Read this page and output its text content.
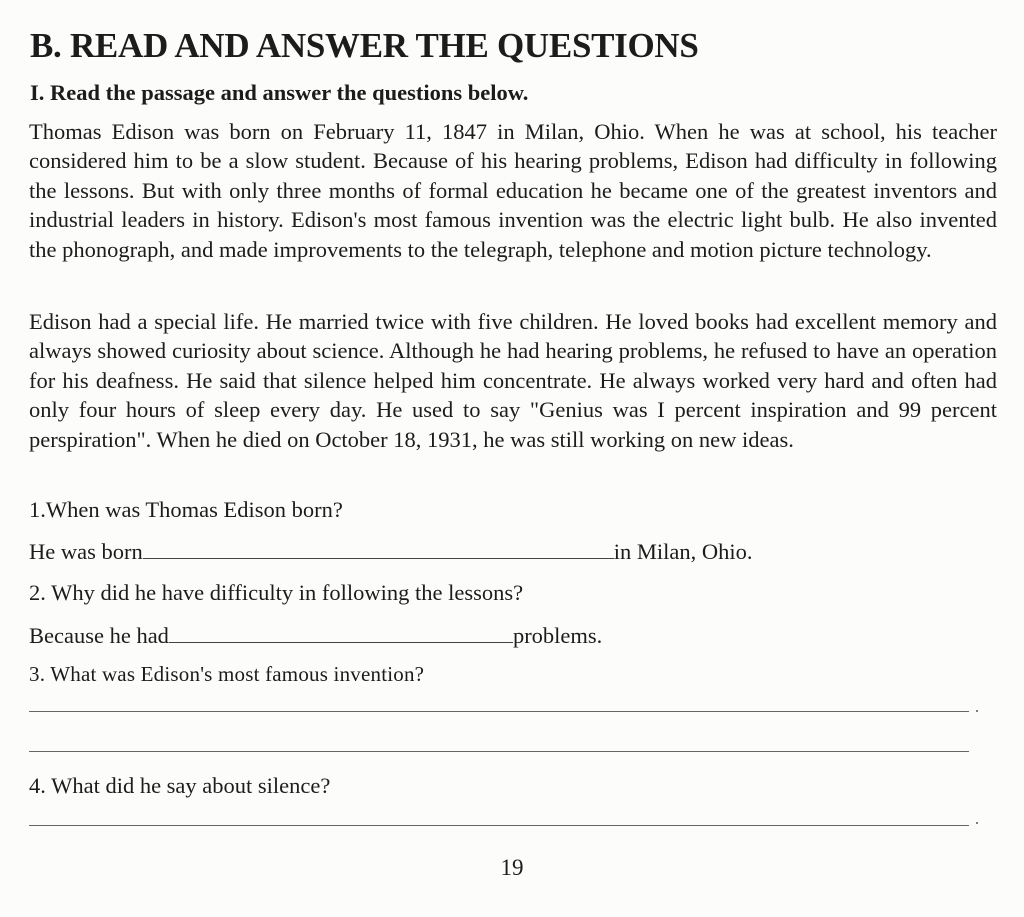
B. READ AND ANSWER THE QUESTIONS
I. Read the passage and answer the questions below.

Thomas Edison was born on February 11, 1847 in Milan, Ohio. When he was at school, his teacher considered him to be a slow student. Because of his hearing problems, Edison had difficulty in following the lessons. But with only three months of formal education he became one of the greatest inventors and industrial leaders in history. Edison's most famous invention was the electric light bulb. He also invented the phonograph, and made improvements to the telegraph, telephone and motion picture technology.

Edison had a special life. He married twice with five children. He loved books had excellent memory and always showed curiosity about science. Although he had hearing problems, he refused to have an operation for his deafness. He said that silence helped him concentrate. He always worked very hard and often had only four hours of sleep every day. He used to say "Genius was I percent inspiration and 99 percent perspiration". When he died on October 18, 1931, he was still working on new ideas.

1.When was Thomas Edison born?

He was born	in Milan, Ohio.

2. Why did he have difficulty in following the lessons?

Because he had	problems.

3. What was Edison's most famous invention?

4. What did he say about silence?

19
